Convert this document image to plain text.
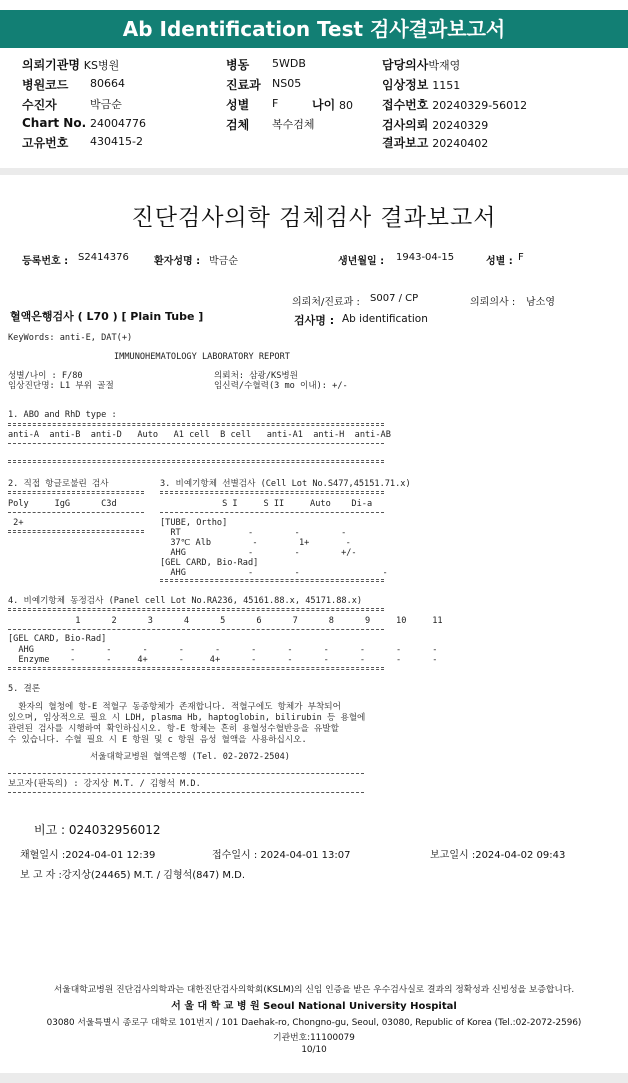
Ab Identification Test 검사결과보고서
의뢰기관명 KS병원	병동 5WDB	담당의사박재영
병원코드 80664	진료과 NS05	임상정보 1151
수진자	박금순	성별 F	나이 80 접수번호 20240329-56012
Chart No. 24004776	검체 복수검체	검사의뢰 20240329
고유번호 430415-2	결과보고 20240402
진단검사의학 검체검사 결과보고서
등록번호 : S2414376	환자성명 : 박금순	생년월일 : 1943-04-15	성별 : F
의뢰처/진료과 : S007 / CP	의뢰의사 : 남소영
혈액은행검사 ( L70 ) [ Plain Tube ]	검사명 : Ab identification
KeyWords: anti-E, DAT(+)
IMMUNOHEMATOLOGY LABORATORY REPORT
성별/나이 : F/80	의뢰처: 삼광/KS병원
임상진단명: L1 부위 골절	임신력/수혈력(3 mo 이내): +/-
1. ABO and RhD type :
anti-A  anti-B  anti-D   Auto   A1 cell  B cell   anti-A1  anti-H  anti-AB
2. 직접 항글로불린 검사
Poly     IgG      C3d
2+
3. 비예기항체 선별검사 (Cell Lot No.S477,45151.71.x)
S I     S II     Auto    Di-a
[TUBE, Ortho]
RT             -        -        -
37℃ Alb        -        1+       -
AHG            -        -        +/-
[GEL CARD, Bio-Rad]
AHG            -        -                -
4. 비예기항체 동정검사 (Panel cell Lot No.RA236, 45161.88.x, 45171.88.x)
1      2      3      4      5      6      7      8      9     10     11
[GEL CARD, Bio-Rad]
AHG       -      -      -      -      -      -      -      -      -      -      -
Enzyme    -      -     4+      -     4+      -      -      -      -      -      -
5. 결론
환자의 혈청에 항-E 적혈구 동종항체가 존재합니다. 적혈구에도 항체가 부착되어
있으며, 임상적으로 필요 시 LDH, plasma Hb, haptoglobin, bilirubin 등 용혈에
관련된 검사를 시행하여 확인하십시오. 항-E 항체는 흔히 용혈성수혈반응을 유발할
수 있습니다. 수혈 필요 시 E 항원 및 c 항원 음성 혈액을 사용하십시오.
서울대학교병원 혈액은행 (Tel. 02-2072-2504)
보고자(판독의) : 강지상 M.T. / 김형석 M.D.
비고 : 024032956012
채혈일시 :2024-04-01 12:39	접수일시 : 2024-04-01 13:07	보고일시 :2024-04-02 09:43
보 고 자 :강지상(24465) M.T. / 김형석(847) M.D.
서울대학교병원 진단검사의학과는 대한진단검사의학회(KSLM)의 신임 인증을 받은 우수검사실로 결과의 정확성과 신빙성을 보증합니다.
서 울 대 학 교 병 원 Seoul National University Hospital
03080 서울특별시 종로구 대학로 101번지 / 101 Daehak-ro, Chongno-gu, Seoul, 03080, Republic of Korea (Tel.:02-2072-2596)
기관번호:11100079
10/10
